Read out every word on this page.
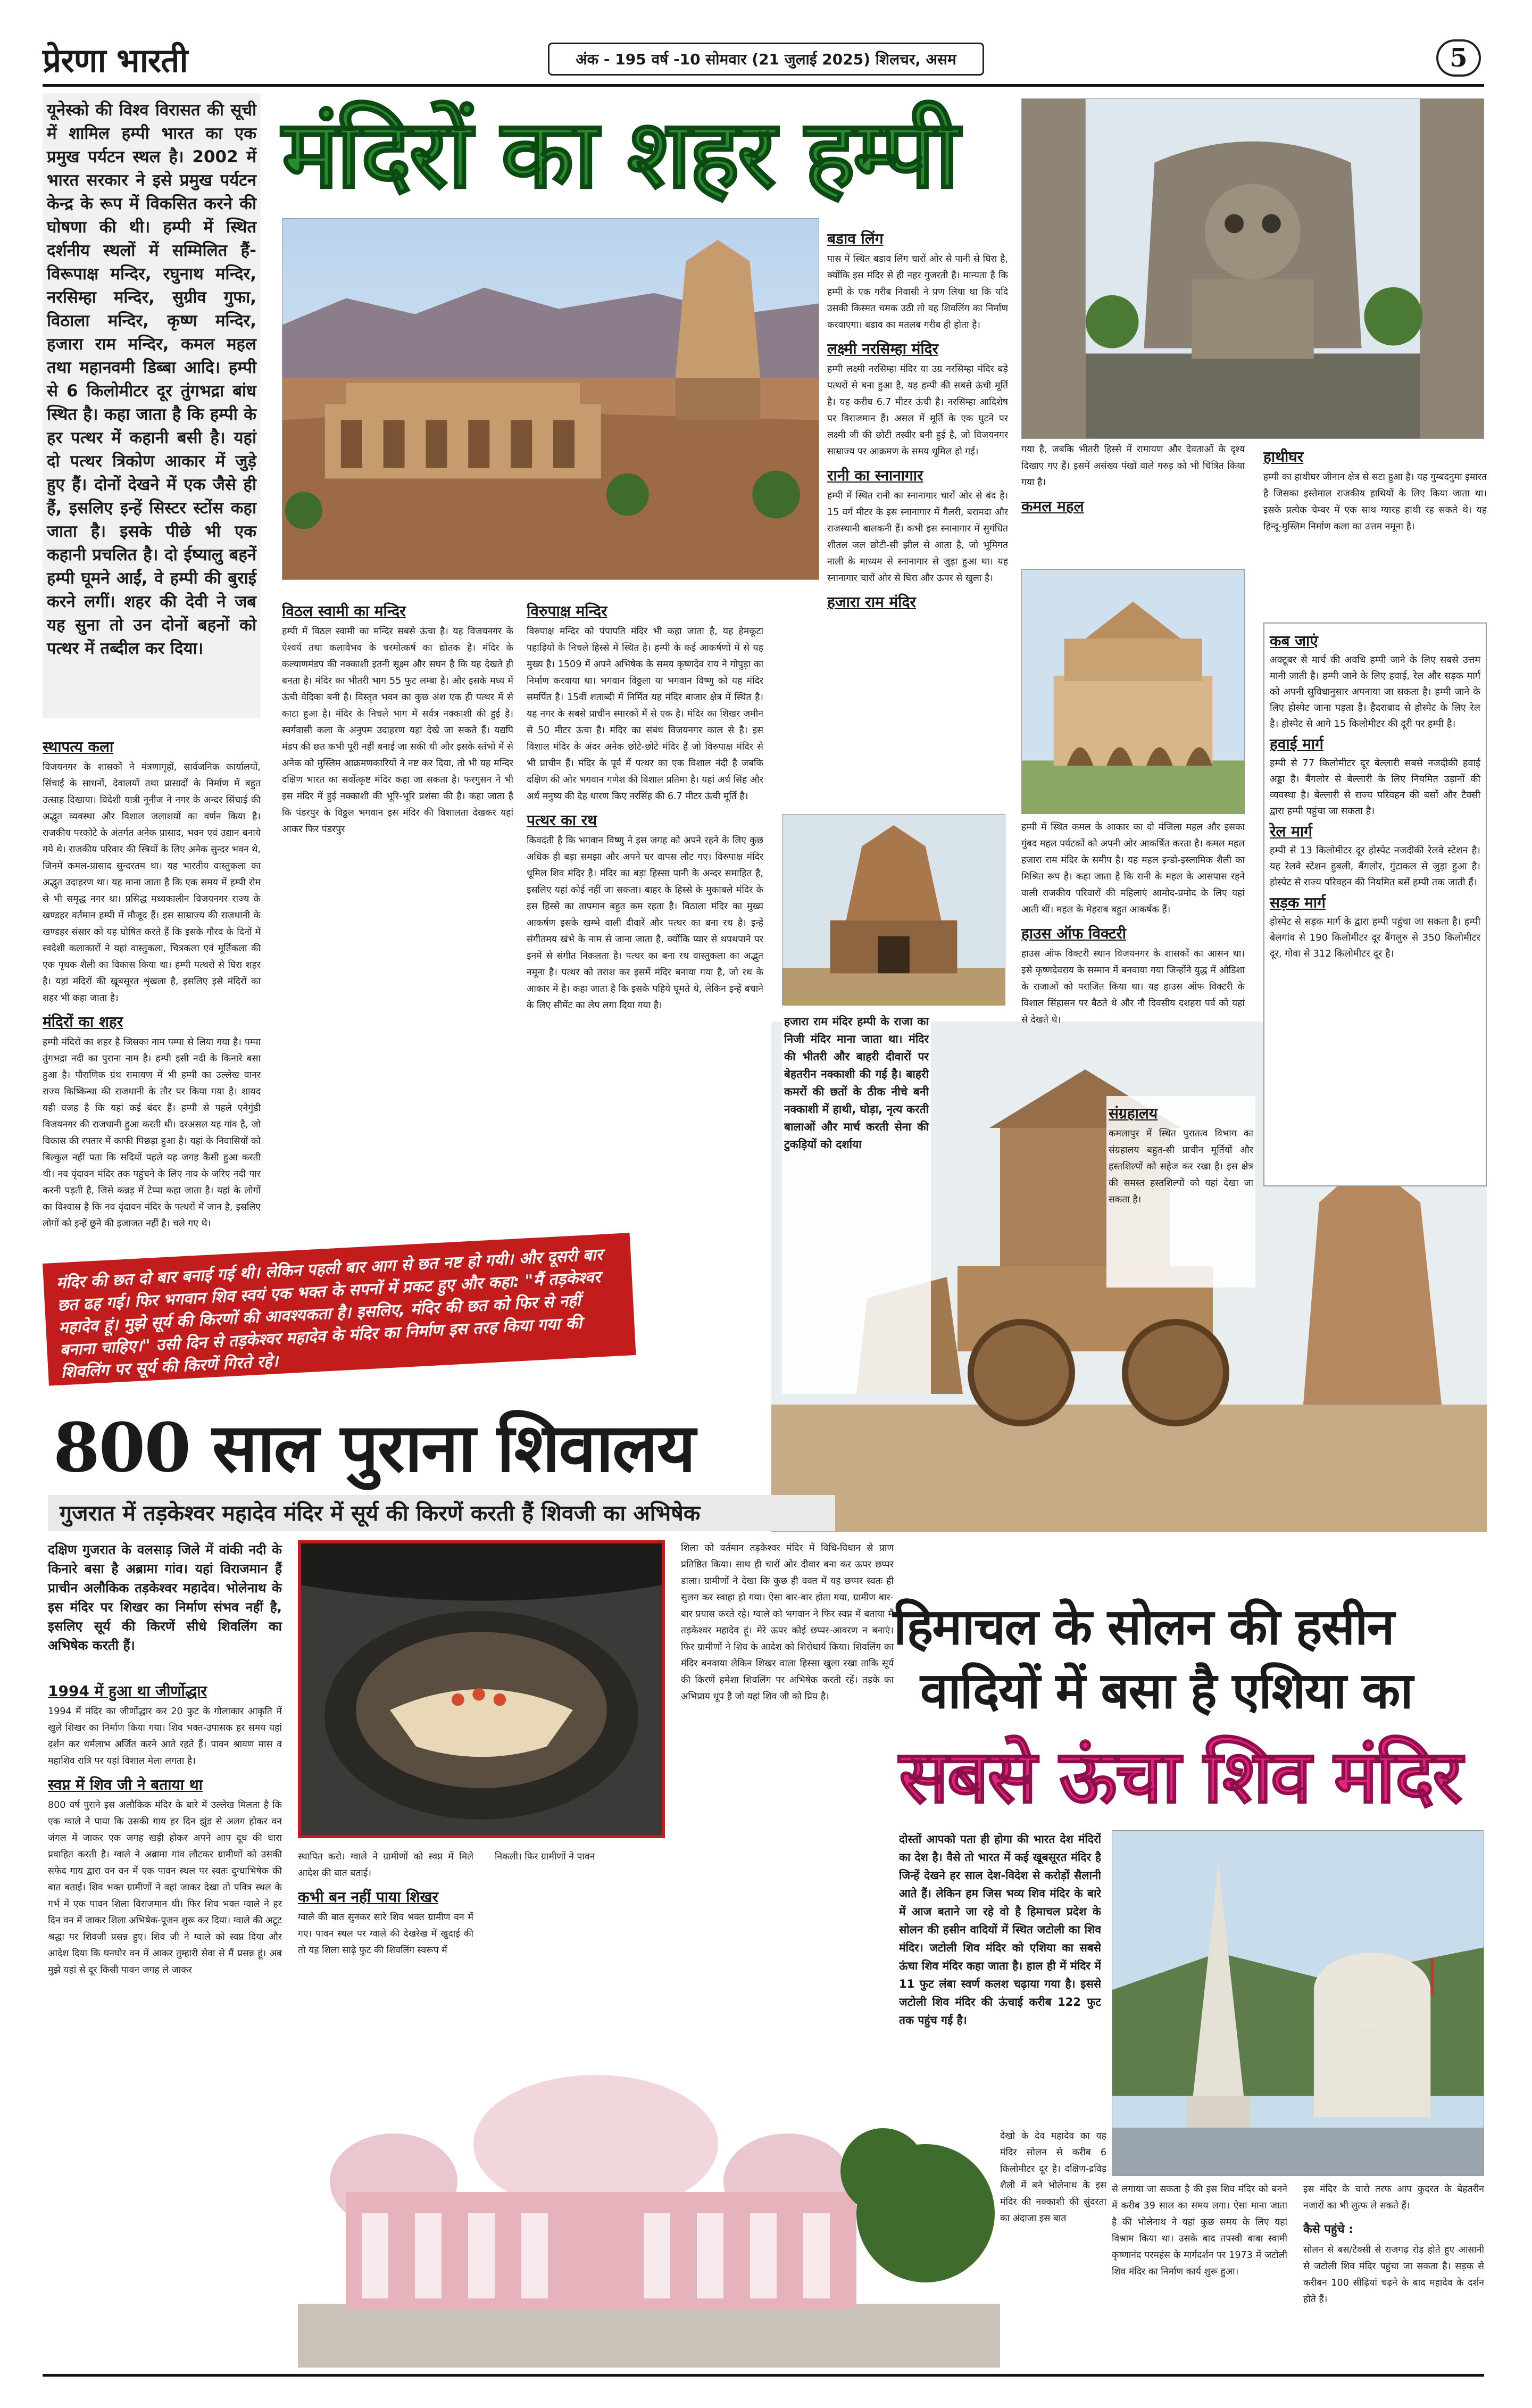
प्रेरणा भारती	अंक - 195 वर्ष -10 सोमवार (21 जुलाई 2025) शिलचर, असम	5
यूनेस्को की विश्व विरासत की सूची में शामिल हम्पी भारत का एक प्रमुख पर्यटन स्थल है। 2002 में भारत सरकार ने इसे प्रमुख पर्यटन केन्द्र के रूप में विकसित करने की घोषणा की थी। हम्पी में स्थित दर्शनीय स्थलों में सम्मिलित हैं- विरूपाक्ष मन्दिर, रघुनाथ मन्दिर, नरसिम्हा मन्दिर, सुग्रीव गुफा, विठाला मन्दिर, कृष्ण मन्दिर, हजारा राम मन्दिर, कमल महल तथा महानवमी डिब्बा आदि। हम्पी से 6 किलोमीटर दूर तुंगभद्रा बांध स्थित है। कहा जाता है कि हम्पी के हर पत्थर में कहानी बसी है। यहां दो पत्थर त्रिकोण आकार में जुड़े हुए हैं। दोनों देखने में एक जैसे ही हैं, इसलिए इन्हें सिस्टर स्टोंस कहा जाता है। इसके पीछे भी एक कहानी प्रचलित है। दो ईष्यालु बहनें हम्पी घूमने आईं, वे हम्पी की बुराई करने लगीं। शहर की देवी ने जब यह सुना तो उन दोनों बहनों को पत्थर में तब्दील कर दिया।
मंदिरों का शहर हम्पी
स्थापत्य कला

विजयनगर के शासकों ने मंत्रणागृहों, सार्वजनिक कार्यालयों, सिंचाई के साधनों, देवालयों तथा प्रासादों के निर्माण में बहुत उत्साह दिखाया। विदेशी यात्री नूनीज ने नगर के अन्दर सिंचाई की अद्भुत व्यवस्था और विशाल जलाशयों का वर्णन किया है। राजकीय परकोटे के अंतर्गत अनेक प्रासाद, भवन एवं उद्यान बनाये गये थे। राजकीय परिवार की स्त्रियों के लिए अनेक सुन्दर भवन थे, जिनमें कमल-प्रासाद सुन्दरतम था। यह भारतीय वास्तुकला का अद्भुत उदाहरण था। यह माना जाता है कि एक समय में हम्पी रोम से भी समृद्ध नगर था। प्रसिद्ध मध्यकालीन विजयनगर राज्य के खण्डहर वर्तमान हम्पी में मौजूद हैं। इस साम्राज्य की राजधानी के खण्डहर संसार को यह घोषित करते हैं कि इसके गौरव के दिनों में स्वदेशी कलाकारों ने यहां वास्तुकला, चित्रकला एवं मूर्तिकला की एक पृथक शैली का विकास किया था। हम्पी पत्थरों से घिरा शहर है। यहां मंदिरों की खूबसूरत शृंखला है, इसलिए इसे मंदिरों का शहर भी कहा जाता है।

मंदिरों का शहर

हम्पी मंदिरों का शहर है जिसका नाम पम्पा से लिया गया है। पम्पा तुंगभद्रा नदी का पुराना नाम है। हम्पी इसी नदी के किनारे बसा हुआ है। पौराणिक ग्रंथ रामायण में भी हम्पी का उल्लेख वानर राज्य किष्किन्धा की राजधानी के तौर पर किया गया है। शायद यही वजह है कि यहां कई बंदर हैं। हम्पी से पहले एनेगुंडी विजयनगर की राजधानी हुआ करती थी। दरअसल यह गांव है, जो विकास की रफ्तार में काफी पिछड़ा हुआ है। यहां के निवासियों को बिल्कुल नहीं पता कि सदियों पहले यह जगह कैसी हुआ करती थी। नव वृंदावन मंदिर तक पहुंचने के लिए नाव के जरिए नदी पार करनी पड़ती है, जिसे कन्नड़ में टेप्पा कहा जाता है। यहां के लोगों का विश्वास है कि नव वृंदावन मंदिर के पत्थरों में जान है, इसलिए लोगों को इन्हें छूने की इजाजत नहीं है। चले गए थे।

विठल स्वामी का मन्दिर

हम्पी में विठल स्वामी का मन्दिर सबसे ऊंचा है। यह विजयनगर के ऐश्वर्य तथा कलावैभव के चरमोत्कर्ष का द्योतक है। मंदिर के कल्याणमंडप की नक्काशी इतनी सूक्ष्म और सघन है कि यह देखते ही बनता है। मंदिर का भीतरी भाग 55 फुट लम्बा है। और इसके मध्य में ऊंची वेदिका बनी है। विस्तृत भवन का कुछ अंश एक ही पत्थर में से काटा हुआ है। मंदिर के निचले भाग में सर्वत्र नक्काशी की हुई है। स्वर्गवासी कला के अनुपम उदाहरण यहां देखे जा सकते हैं। यद्यपि मंडप की छत कभी पूरी नहीं बनाई जा सकी थी और इसके स्तंभों में से अनेक को मुस्लिम आक्रमणकारियों ने नष्ट कर दिया, तो भी यह मन्दिर दक्षिण भारत का सर्वोत्कृष्ट मंदिर कहा जा सकता है। फरगुसन ने भी इस मंदिर में हुई नक्काशी की भूरि-भूरि प्रशंसा की है। कहा जाता है कि पंडरपुर के विठ्ठल भगवान इस मंदिर की विशालता देखकर यहां आकर फिर पंडरपुर

विरुपाक्ष मन्दिर

विरुपाक्ष मन्दिर को पंपापति मंदिर भी कहा जाता है, यह हेमकूटा पहाड़ियों के निचले हिस्से में स्थित है। हम्पी के कई आकर्षणों में से यह मुख्य है। 1509 में अपने अभिषेक के समय कृष्णदेव राय ने गोपुड़ा का निर्माण करवाया था। भगवान विठ्ठला या भगवान विष्णु को यह मंदिर समर्पित है। 15वीं शताब्दी में निर्मित यह मंदिर बाजार क्षेत्र में स्थित है। यह नगर के सबसे प्राचीन स्मारकों में से एक है। मंदिर का शिखर जमीन से 50 मीटर ऊंचा है। मंदिर का संबंध विजयनगर काल से है। इस विशाल मंदिर के अंदर अनेक छोटे-छोटे मंदिर हैं जो विरुपाक्ष मंदिर से भी प्राचीन हैं। मंदिर के पूर्व में पत्थर का एक विशाल नंदी है जबकि दक्षिण की ओर भगवान गणेश की विशाल प्रतिमा है। यहां अर्ध सिंह और अर्ध मनुष्य की देह धारण किए नरसिंह की 6.7 मीटर ऊंची मूर्ति है।

पत्थर का रथ

किवदंती है कि भगवान विष्णु ने इस जगह को अपने रहने के लिए कुछ अधिक ही बड़ा समझा और अपने घर वापस लौट गए। विरुपाक्ष मंदिर धूमिल शिव मंदिर है। मंदिर का बड़ा हिस्सा पानी के अन्दर समाहित है, इसलिए यहां कोई नहीं जा सकता। बाहर के हिस्से के मुकाबले मंदिर के इस हिस्से का तापमान बहुत कम रहता है। विठाला मंदिर का मुख्य आकर्षण इसके खम्भे वाली दीवारें और पत्थर का बना रथ है। इन्हें संगीतमय खंभे के नाम से जाना जाता है, क्योंकि प्यार से थपथपाने पर इनमें से संगीत निकलता है। पत्थर का बना रथ वास्तुकला का अद्भुत नमूना है। पत्थर को तराश कर इसमें मंदिर बनाया गया है, जो रथ के आकार में है। कहा जाता है कि इसके पहिये घूमते थे, लेकिन इन्हें बचाने के लिए सीमेंट का लेप लगा दिया गया है।

बडाव लिंग

पास में स्थित बडाव लिंग चारों ओर से पानी से घिरा है, क्योंकि इस मंदिर से ही नहर गुजरती है। मान्यता है कि हम्पी के एक गरीब निवासी ने प्रण लिया था कि यदि उसकी किस्मत चमक उठी तो वह शिवलिंग का निर्माण करवाएगा। बडाव का मतलब गरीब ही होता है।

लक्ष्मी नरसिम्हा मंदिर

हम्पी लक्ष्मी नरसिम्हा मंदिर या उग्र नरसिम्हा मंदिर बड़े पत्थरों से बना हुआ है, यह हम्पी की सबसे ऊंची मूर्ति है। यह करीब 6.7 मीटर ऊंची है। नरसिम्हा आदिशेष पर विराजमान हैं। असल में मूर्ति के एक घुटने पर लक्ष्मी जी की छोटी तस्वीर बनी हुई है, जो विजयनगर साम्राज्य पर आक्रमण के समय धूमिल हो गई।

रानी का स्नानागार

हम्पी में स्थित रानी का स्नानागार चारों ओर से बंद है। 15 वर्ग मीटर के इस स्नानागार में गैलरी, बरामदा और राजस्थानी बालकनी हैं। कभी इस स्नानागार में सुगंधित शीतल जल छोटी-सी झील से आता है, जो भूमिगत नाली के माध्यम से स्नानागार से जुड़ा हुआ था। यह स्नानागार चारों ओर से घिरा और ऊपर से खुला है।

हजारा राम मंदिर
हजारा राम मंदिर हम्पी के राजा का निजी मंदिर माना जाता था। मंदिर की भीतरी और बाहरी दीवारों पर बेहतरीन नक्काशी की गई है। बाहरी कमरों की छतों के ठीक नीचे बनी नक्काशी में हाथी, घोड़ा, नृत्य करती बालाओं और मार्च करती सेना की टुकड़ियों को दर्शाया

गया है, जबकि भीतरी हिस्से में रामायण और देवताओं के दृश्य दिखाए गए हैं। इसमें असंख्य पंखों वाले गरुड़ को भी चित्रित किया गया है।

कमल महल

हम्पी में स्थित कमल के आकार का दो मंजिला महल और इसका गुंबद महल पर्यटकों को अपनी ओर आकर्षित करता है। कमल महल हजारा राम मंदिर के समीप है। यह महल इन्डो-इस्लामिक शैली का मिश्रित रूप है। कहा जाता है कि रानी के महल के आसपास रहने वाली राजकीय परिवारों की महिलाएं आमोद-प्रमोद के लिए यहां आती थीं। महल के मेहराब बहुत आकर्षक हैं।

हाउस ऑफ विक्टरी

हाउस ऑफ विक्टरी स्थान विजयनगर के शासकों का आसन था। इसे कृष्णदेवराय के सम्मान में बनवाया गया जिन्होंने युद्ध में ओडिशा के राजाओं को पराजित किया था। यह हाउस ऑफ विक्टरी के विशाल सिंहासन पर बैठते थे और नौ दिवसीय दशहरा पर्व को यहां से देखते थे।

संग्रहालय

कमलापुर में स्थित पुरातत्व विभाग का संग्रहालय बहुत-सी प्राचीन मूर्तियों और हस्तशिल्पों को सहेज कर रखा है। इस क्षेत्र की समस्त हस्तशिल्पों को यहां देखा जा सकता है।

हाथीघर

हम्पी का हाथीघर जीनान क्षेत्र से सटा हुआ है। यह गुम्बदनुमा इमारत है जिसका इस्तेमाल राजकीय हाथियों के लिए किया जाता था। इसके प्रत्येक चेम्बर में एक साथ ग्यारह हाथी रह सकते थे। यह हिन्दू-मुस्लिम निर्माण कला का उत्तम नमूना है।

कब जाएं

अक्टूबर से मार्च की अवधि हम्पी जाने के लिए सबसे उत्तम मानी जाती है। हम्पी जाने के लिए हवाई, रेल और सड़क मार्ग को अपनी सुविधानुसार अपनाया जा सकता है। हम्पी जाने के लिए होस्पेट जाना पड़ता है। हैदराबाद से होस्पेट के लिए रेल है। होस्पेट से आगे 15 किलोमीटर की दूरी पर हम्पी है।

हवाई मार्ग

हम्पी से 77 किलोमीटर दूर बेल्लारी सबसे नजदीकी हवाई अड्डा है। बैंगलोर से बेल्लारी के लिए नियमित उड़ानों की व्यवस्था है। बेल्लारी से राज्य परिवहन की बसों और टैक्सी द्वारा हम्पी पहुंचा जा सकता है।

रेल मार्ग

हम्पी से 13 किलोमीटर दूर होस्पेट नजदीकी रेलवे स्टेशन है। यह रेलवे स्टेशन हुबली, बैंगलोर, गुंटाकल से जुड़ा हुआ है। होस्पेट से राज्य परिवहन की नियमित बसें हम्पी तक जाती हैं।

सड़क मार्ग

होस्पेट से सड़क मार्ग के द्वारा हम्पी पहुंचा जा सकता है। हम्पी बेलगांव से 190 किलोमीटर दूर बैंगलुरु से 350 किलोमीटर दूर, गोवा से 312 किलोमीटर दूर है।

मंदिर की छत दो बार बनाई गई थी। लेकिन पहली बार आग से छत नष्ट हो गयी। और दूसरी बार छत ढह गई। फिर भगवान शिव स्वयं एक भक्त के सपनों में प्रकट हुए और कहा: "मैं तड़केश्वर महादेव हूं। मुझे सूर्य की किरणों की आवश्यकता है। इसलिए, मंदिर की छत को फिर से नहीं बनाना चाहिए।" उसी दिन से तड़केश्वर महादेव के मंदिर का निर्माण इस तरह किया गया की शिवलिंग पर सूर्य की किरणें गिरते रहे।
800 साल पुराना शिवालय
गुजरात में तड़केश्वर महादेव मंदिर में सूर्य की किरणें करती हैं शिवजी का अभिषेक
दक्षिण गुजरात के वलसाड़ जिले में वांकी नदी के किनारे बसा है अब्रामा गांव। यहां विराजमान हैं प्राचीन अलौकिक तड़केश्वर महादेव। भोलेनाथ के इस मंदिर पर शिखर का निर्माण संभव नहीं है, इसलिए सूर्य की किरणें सीधे शिवलिंग का अभिषेक करती हैं।
1994 में हुआ था जीर्णोद्धार

1994 में मंदिर का जीर्णोद्धार कर 20 फुट के गोलाकार आकृति में खुले शिखर का निर्माण किया गया। शिव भक्त-उपासक हर समय यहां दर्शन कर धर्मलाभ अर्जित करने आते रहते हैं। पावन श्रावण मास व महाशिव रात्रि पर यहां विशाल मेला लगता है।

स्वप्न में शिव जी ने बताया था

800 वर्ष पुराने इस अलौकिक मंदिर के बारे में उल्लेख मिलता है कि एक ग्वाले ने पाया कि उसकी गाय हर दिन झुंड से अलग होकर वन जंगल में जाकर एक जगह खड़ी होकर अपने आप दूध की धारा प्रवाहित करती है। ग्वाले ने अब्रामा गांव लौटकर ग्रामीणों को उसकी सफेद गाय द्वारा वन वन में एक पावन स्थल पर स्वतः दुग्धाभिषेक की बात बताई। शिव भक्त ग्रामीणों ने वहां जाकर देखा तो पवित्र स्थल के गर्भ में एक पावन शिला विराजमान थी। फिर शिव भक्त ग्वाले ने हर दिन वन में जाकर शिला अभिषेक-पूजन शुरू कर दिया। ग्वाले की अटूट श्रद्धा पर शिवजी प्रसन्न हुए। शिव जी ने ग्वाले को स्वप्न दिया और आदेश दिया कि घनघोर वन में आकर तुम्हारी सेवा से मैं प्रसन्न हूं। अब मुझे यहां से दूर किसी पावन जगह ले जाकर

शिला को वर्तमान तड़केश्वर मंदिर में विधि-विधान से प्राण प्रतिष्ठित किया। साथ ही चारों ओर दीवार बना कर ऊपर छप्पर डाला। ग्रामीणों ने देखा कि कुछ ही वक्त में यह छप्पर स्वतः ही सुलग कर स्वाहा हो गया। ऐसा बार-बार होता गया, ग्रामीण बार-बार प्रयास करते रहे। ग्वाले को भगवान ने फिर स्वप्न में बताया मैं तड़केश्वर महादेव हूं। मेरे ऊपर कोई छप्पर-आवरण न बनाएं। फिर ग्रामीणों ने शिव के आदेश को शिरोधार्य किया। शिवलिंग का मंदिर बनवाया लेकिन शिखर वाला हिस्सा खुला रखा ताकि सूर्य की किरणें हमेशा शिवलिंग पर अभिषेक करती रहें। तड़के का अभिप्राय धूप है जो यहां शिव जी को प्रिय है।

स्थापित करो। ग्वाले ने ग्रामीणों को स्वप्न में मिले आदेश की बात बताई।

कभी बन नहीं पाया शिखर

ग्वाले की बात सुनकर सारे शिव भक्त ग्रामीण वन में गए। पावन स्थल पर ग्वाले की देखरेख में खुदाई की तो यह शिला साढ़े फुट की शिवलिंग स्वरूप में

निकली। फिर ग्रामीणों ने पावन

हिमाचल के सोलन की हसीन
वादियों में बसा है एशिया का
सबसे ऊंचा शिव मंदिर
दोस्तों आपको पता ही होगा की भारत देश मंदिरों का देश है। वैसे तो भारत में कई खूबसूरत मंदिर है जिन्हें देखने हर साल देश-विदेश से करोड़ों सैलानी आते हैं। लेकिन हम जिस भव्य शिव मंदिर के बारे में आज बताने जा रहे वो है हिमाचल प्रदेश के सोलन की हसीन वादियों में स्थित जटोली का शिव मंदिर। जटोली शिव मंदिर को एशिया का सबसे ऊंचा शिव मंदिर कहा जाता है। हाल ही में मंदिर में 11 फुट लंबा स्वर्ण कलश चढ़ाया गया है। इससे जटोली शिव मंदिर की ऊंचाई करीब 122 फुट तक पहुंच गई है।

देखो के देव महादेव का यह मंदिर सोलन से करीब 6 किलोमीटर दूर है। दक्षिण-द्रविड़ शैली में बने भोलेनाथ के इस मंदिर की नक्काशी की सुंदरता का अंदाजा इस बात

से लगाया जा सकता है की इस शिव मंदिर को बनने में करीब 39 साल का समय लगा। ऐसा माना जाता है की भोलेनाथ ने यहां कुछ समय के लिए यहां विश्राम किया था। उसके बाद तपस्वी बाबा स्वामी कृष्णानंद परमहंस के मार्गदर्शन पर 1973 में जटोली शिव मंदिर का निर्माण कार्य शुरू हुआ।

इस मंदिर के चारो तरफ आप कुदरत के बेहतरीन नजारों का भी लुत्फ ले सकते हैं।

कैसे पहुंचे :

सोलन से बस/टैक्सी से राजगढ़ रोड़ होते हुए आसानी से जटोली शिव मंदिर पहुंचा जा सकता है। सड़क से करीबन 100 सीढ़ियां चढ़ने के बाद महादेव के दर्शन होते हैं।
